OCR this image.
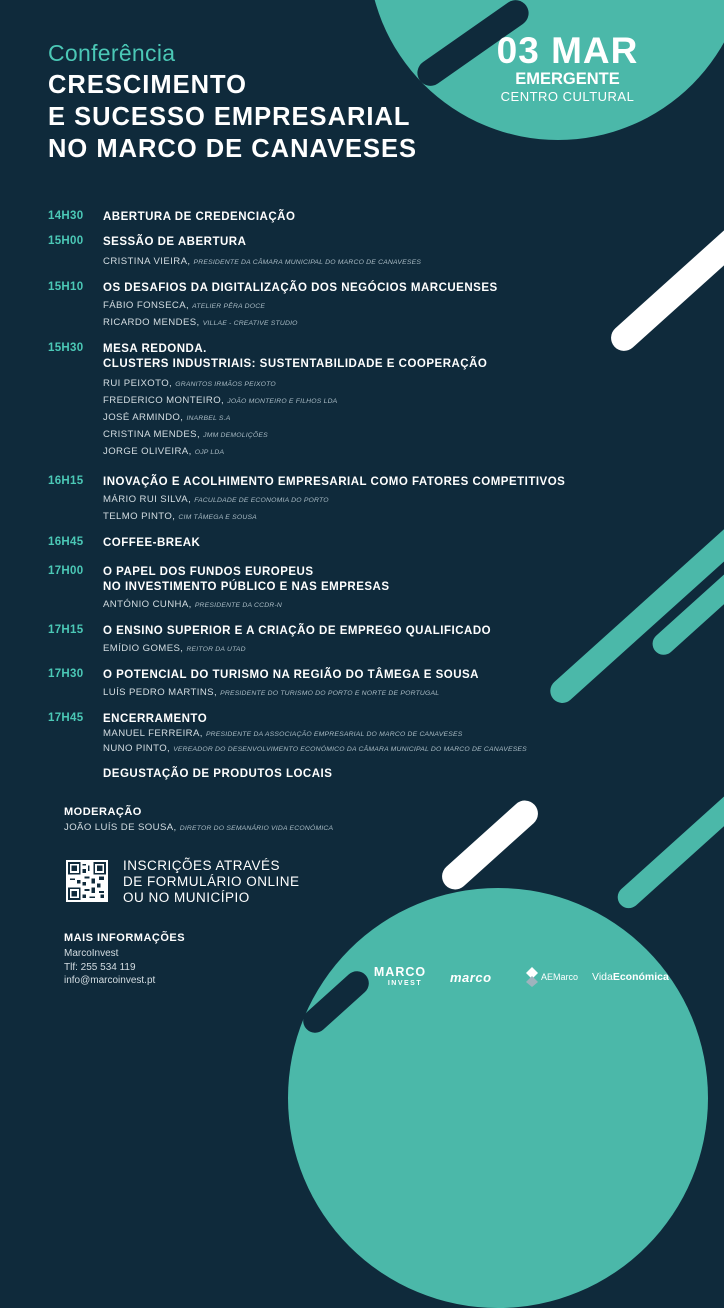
Conferência
CRESCIMENTO
E SUCESSO EMPRESARIAL
NO MARCO DE CANAVESES
03 MAR
EMERGENTE
CENTRO CULTURAL
14H30	ABERTURA DE CREDENCIAÇÃO
15H00	SESSÃO DE ABERTURA
CRISTINA VIEIRA, PRESIDENTE DA CÂMARA MUNICIPAL DO MARCO DE CANAVESES
15H10	OS DESAFIOS DA DIGITALIZAÇÃO DOS NEGÓCIOS MARCUENSES
FÁBIO FONSECA, ATELIER PÊRA DOCE
RICARDO MENDES, VILLAE - CREATIVE STUDIO
15H30	MESA REDONDA.
CLUSTERS INDUSTRIAIS: SUSTENTABILIDADE E COOPERAÇÃO
RUI PEIXOTO, GRANITOS IRMÃOS PEIXOTO
FREDERICO MONTEIRO, JOÃO MONTEIRO E FILHOS LDA
JOSÉ ARMINDO, INARBEL S.A
CRISTINA MENDES, JMM DEMOLIÇÕES
JORGE OLIVEIRA, OJP LDA
16H15	INOVAÇÃO E ACOLHIMENTO EMPRESARIAL COMO FATORES COMPETITIVOS
MÁRIO RUI SILVA, FACULDADE DE ECONOMIA DO PORTO
TELMO PINTO, CIM TÂMEGA E SOUSA
16H45	COFFEE-BREAK
17H00	O PAPEL DOS FUNDOS EUROPEUS
NO INVESTIMENTO PÚBLICO E NAS EMPRESAS
ANTÓNIO CUNHA, PRESIDENTE DA CCDR-N
17H15	O ENSINO SUPERIOR E A CRIAÇÃO DE EMPREGO QUALIFICADO
EMÍDIO GOMES, REITOR DA UTAD
17H30	O POTENCIAL DO TURISMO NA REGIÃO DO TÂMEGA E SOUSA
LUÍS PEDRO MARTINS, PRESIDENTE DO TURISMO DO PORTO E NORTE DE PORTUGAL
17H45	ENCERRAMENTO
MANUEL FERREIRA, PRESIDENTE DA ASSOCIAÇÃO EMPRESARIAL DO MARCO DE CANAVESES
NUNO PINTO, VEREADOR DO DESENVOLVIMENTO ECONÓMICO DA CÂMARA MUNICIPAL DO MARCO DE CANAVESES
DEGUSTAÇÃO DE PRODUTOS LOCAIS
MODERAÇÃO
JOÃO LUÍS DE SOUSA, DIRETOR DO SEMANÁRIO VIDA ECONÓMICA
INSCRIÇÕES ATRAVÉS
DE FORMULÁRIO ONLINE
OU NO MUNICÍPIO
MAIS INFORMAÇÕES
MarcoInvest
Tlf: 255 534 119
info@marcoinvest.pt
MARCO
INVEST marco	AEMarco Vida Económica
